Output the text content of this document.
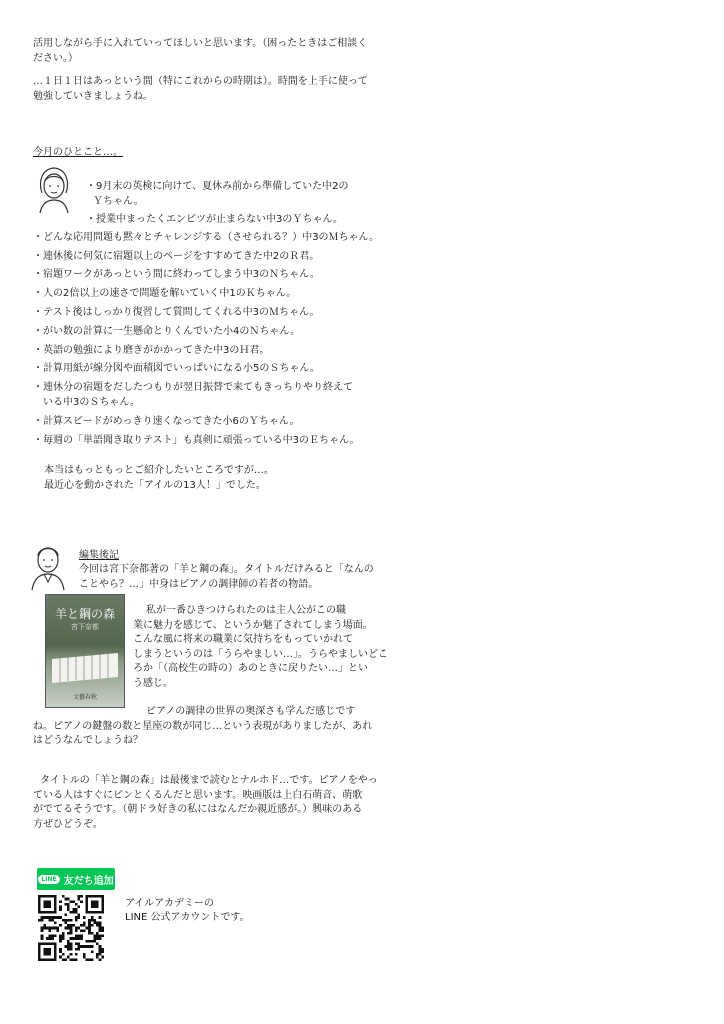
活用しながら手に入れていってほしいと思います。（困ったときはご相談く
ださい。）
…１日１日はあっという間（特にこれからの時期は）。時間を上手に使って
勉強していきましょうね。
今月のひとこと…。
・9月末の英検に向けて、夏休み前から準備していた中2の
Ｙちゃん。
・授業中まったくエンピツが止まらない中3のＹちゃん。
・どんな応用問題も黙々とチャレンジする（させられる？）中3のＭちゃん。
・連休後に何気に宿題以上のページをすすめてきた中2のＲ君。
・宿題ワークがあっという間に終わってしまう中3のＮちゃん。
・人の2倍以上の速さで問題を解いていく中1のＫちゃん。
・テスト後はしっかり復習して質問してくれる中3のＭちゃん。
・がい数の計算に一生懸命とりくんでいた小4のＮちゃん。
・英語の勉強により磨きがかかってきた中3のＨ君。
・計算用紙が線分図や面積図でいっぱいになる小5のＳちゃん。
・連休分の宿題をだしたつもりが翌日振替で来てもきっちりやり終えて
　いる中3のＳちゃん。
・計算スピードがめっきり速くなってきた小6のＹちゃん。
・毎週の「単語聞き取りテスト」も真剣に頑張っている中3のＥちゃん。
本当はもっともっとご紹介したいところですが…。
最近心を動かされた「アイルの13人！」でした。
編集後記
今回は宮下奈都著の「羊と鋼の森」。タイトルだけみると「なんの
ことやら？…」中身はピアノの調律師の若者の物語。
羊と鋼の森
宮下奈都
文藝春秋
私が一番ひきつけられたのは主人公がこの職
業に魅力を感じて、というか魅了されてしまう場面。
こんな風に将来の職業に気持ちをもっていかれて
しまうというのは「うらやましい…」。うらやましいどこ
ろか「（高校生の時の）あのときに戻りたい…」とい
う感じ。
ピアノの調律の世界の奥深さも学んだ感じです
ね。ピアノの鍵盤の数と星座の数が同じ…という表現がありましたが、あれ
はどうなんでしょうね？
タイトルの「羊と鋼の森」は最後まで読むとナルホド…です。ピアノをやっ
ている人はすぐにピンとくるんだと思います。映画版は上白石萌音、萌歌
がでてるそうです。（朝ドラ好きの私にはなんだか親近感が。）興味のある
方ぜひどうぞ。
LINE 友だち追加
アイルアカデミーの
LINE 公式アカウントです。
